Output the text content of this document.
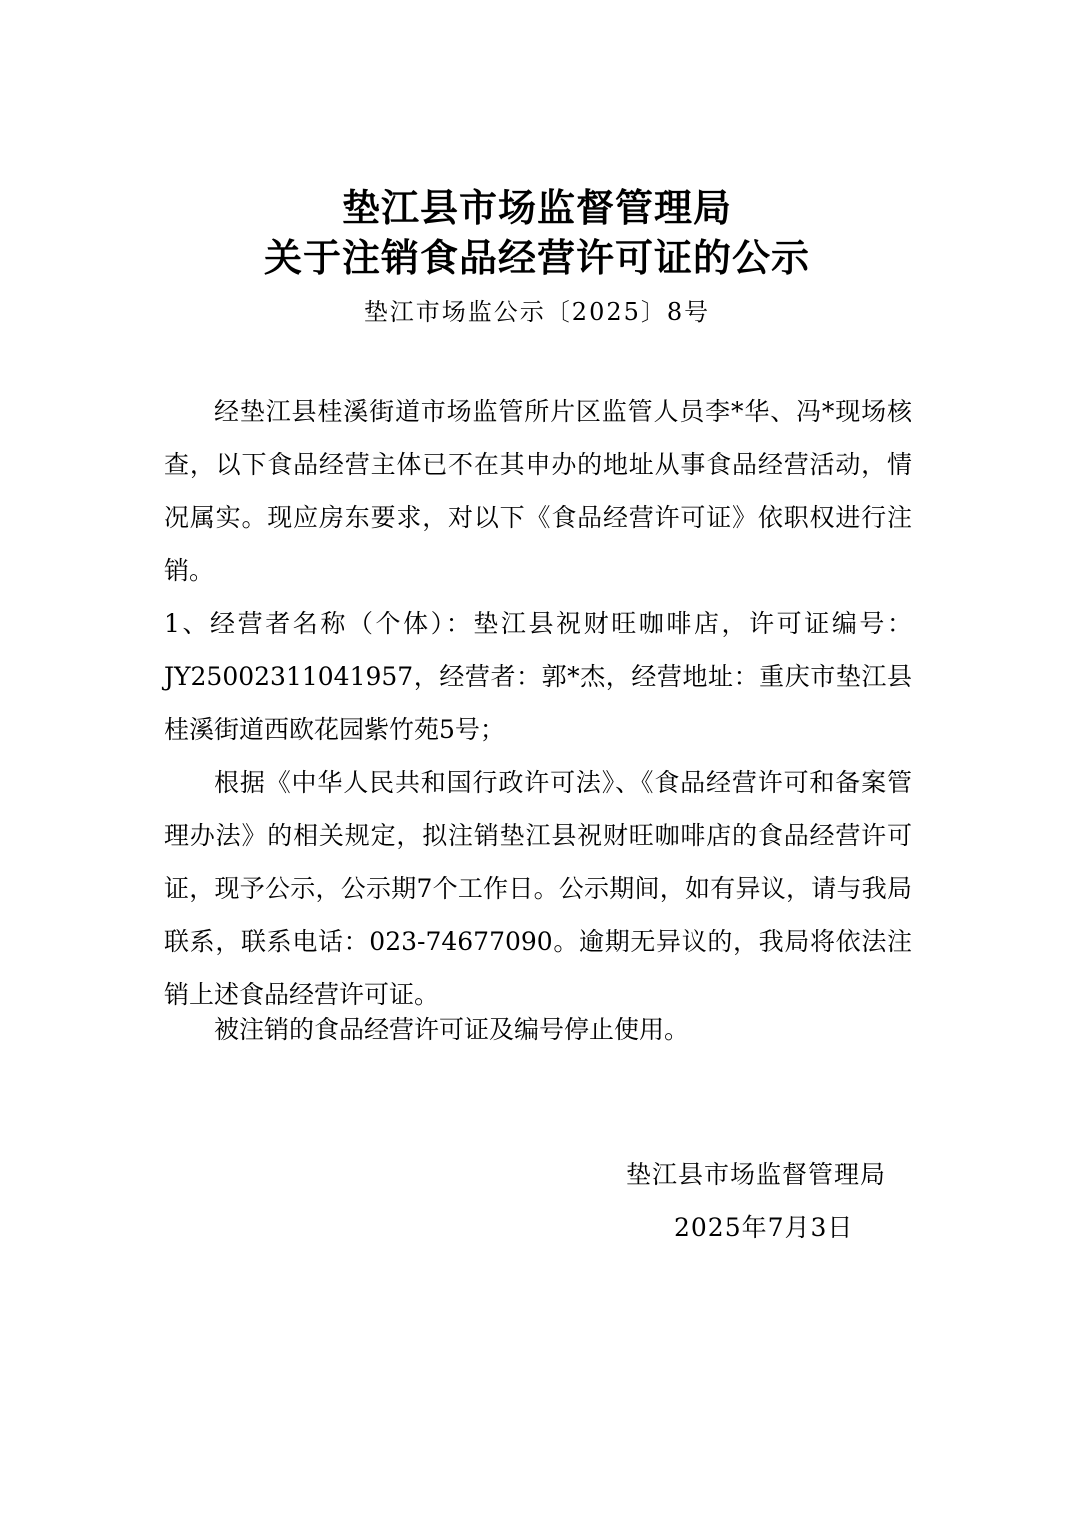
垫江县市场监督管理局
关于注销食品经营许可证的公示
垫江市场监公示〔2025〕8号
经垫江县桂溪街道市场监管所片区监管人员李*华、冯*现场核查，以下食品经营主体已不在其申办的地址从事食品经营活动，情况属实。现应房东要求，对以下《食品经营许可证》依职权进行注销。
1、经营者名称（个体）：垫江县祝财旺咖啡店，许可证编号：JY25002311041957，经营者：郭*杰，经营地址：重庆市垫江县桂溪街道西欧花园紫竹苑5号；
根据《中华人民共和国行政许可法》、《食品经营许可和备案管理办法》的相关规定，拟注销垫江县祝财旺咖啡店的食品经营许可证，现予公示，公示期7个工作日。公示期间，如有异议，请与我局联系，联系电话：023-74677090。逾期无异议的，我局将依法注销上述食品经营许可证。
被注销的食品经营许可证及编号停止使用。
垫江县市场监督管理局
2025年7月3日
